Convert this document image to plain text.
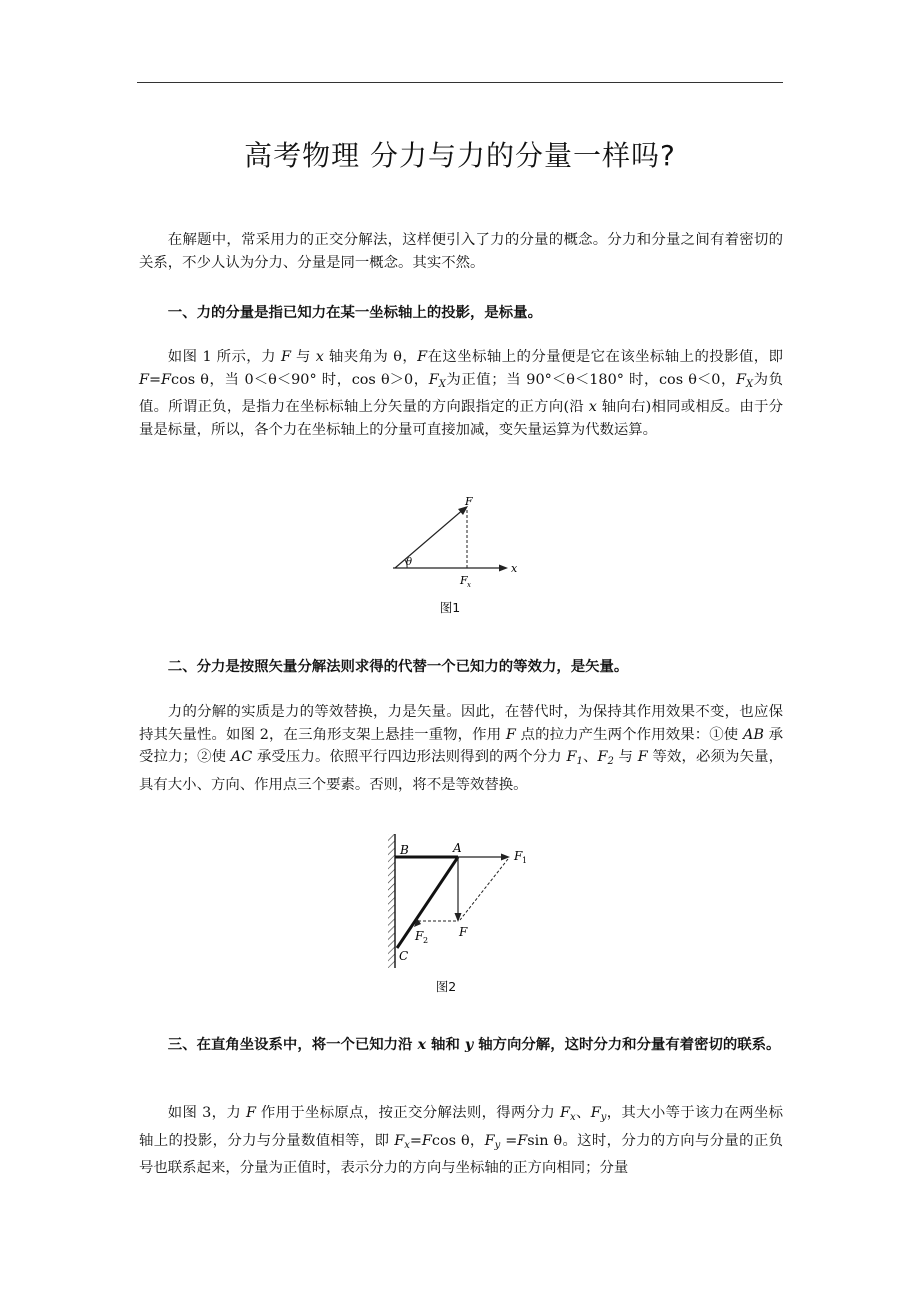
高考物理 分力与力的分量一样吗?

在解题中，常采用力的正交分解法，这样便引入了力的分量的概念。分力和分量之间有着密切的关系，不少人认为分力、分量是同一概念。其实不然。

一、力的分量是指已知力在某一坐标轴上的投影，是标量。

如图 1 所示，力 F 与 x 轴夹角为 θ，F在这坐标轴上的分量便是它在该坐标轴上的投影值，即 F=Fcos θ，当 0＜θ＜90° 时，cos θ＞0，$F_X$为正值；当 90°＜θ＜180° 时，cos θ＜0，$F_X$为负值。所谓正负，是指力在坐标标轴上分矢量的方向跟指定的正方向(沿 x 轴向右)相同或相反。由于分量是标量，所以，各个力在坐标轴上的分量可直接加减，变矢量运算为代数运算。

F
θ
F x
x
图1

二、分力是按照矢量分解法则求得的代替一个已知力的等效力，是矢量。

力的分解的实质是力的等效替换，力是矢量。因此，在替代时，为保持其作用效果不变，也应保持其矢量性。如图 2，在三角形支架上悬挂一重物，作用 F 点的拉力产生两个作用效果：①使 AB 承受拉力；②使 AC 承受压力。依照平行四边形法则得到的两个分力 $F_1$、$F_2$ 与 F 等效，必须为矢量，具有大小、方向、作用点三个要素。否则，将不是等效替换。

B	A
F 1
F 2
F
C
图2

三、在直角坐设系中，将一个已知力沿 x 轴和 y 轴方向分解，这时分力和分量有着密切的联系。

如图 3，力 F 作用于坐标原点，按正交分解法则，得两分力 $F_x$、$F_y$，其大小等于该力在两坐标轴上的投影，分力与分量数值相等，即 $F_x=Fcos$ θ，$F_y =Fsin$ θ。这时，分力的方向与分量的正负号也联系起来，分量为正值时，表示分力的方向与坐标轴的正方向相同；分量
